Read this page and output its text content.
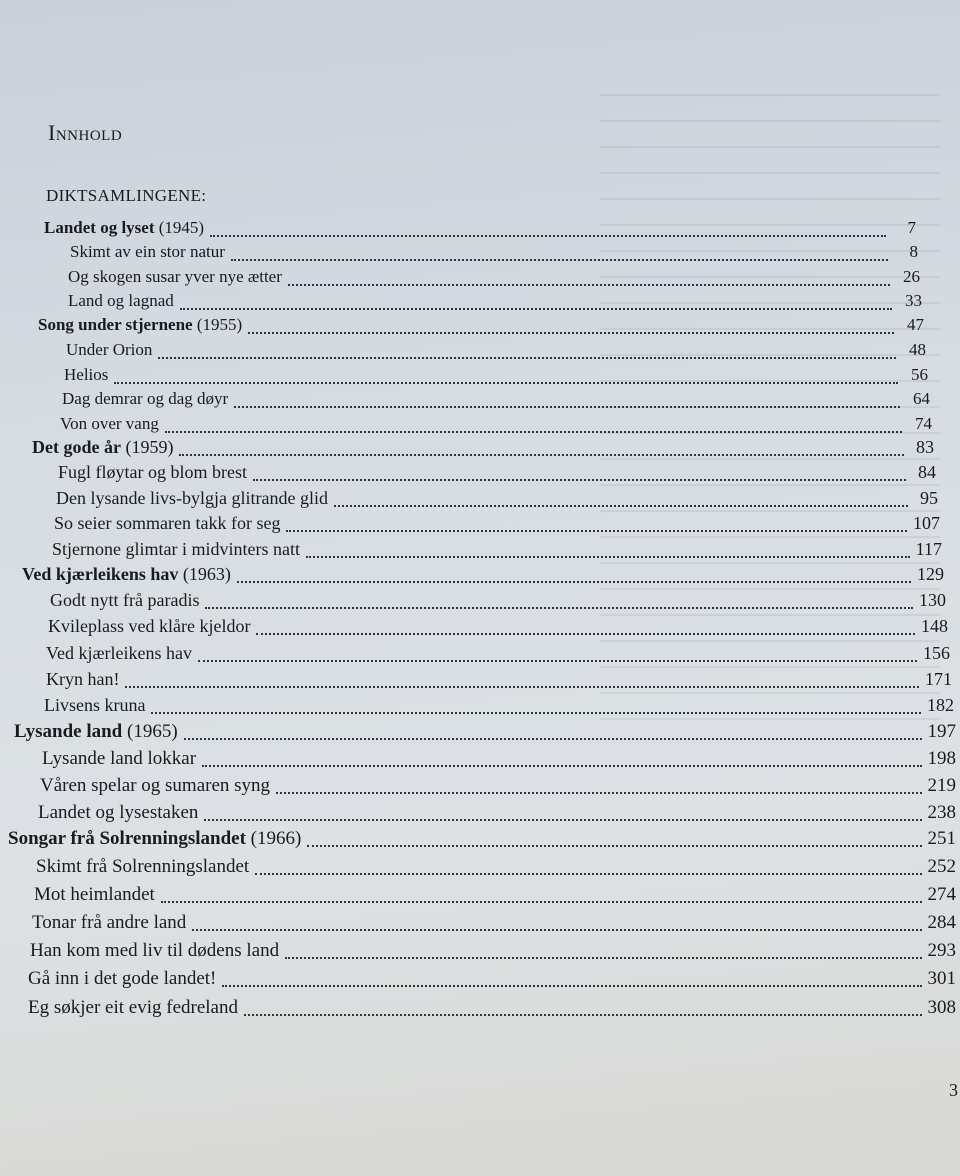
Innhold
DIKTSAMLINGENE:
Landet og lyset (1945)	7
Skimt av ein stor natur	8
Og skogen susar yver nye ætter	26
Land og lagnad	33
Song under stjernene (1955)	47
Under Orion	48
Helios	56
Dag demrar og dag døyr	64
Von over vang	74
Det gode år (1959)	83
Fugl fløytar og blom brest	84
Den lysande livs-bylgja glitrande glid	95
So seier sommaren takk for seg	107
Stjernone glimtar i midvinters natt	117
Ved kjærleikens hav (1963)	129
Godt nytt frå paradis	130
Kvileplass ved klåre kjeldor	148
Ved kjærleikens hav	156
Kryn han!	171
Livsens kruna	182
Lysande land (1965)	197
Lysande land lokkar	198
Våren spelar og sumaren syng	219
Landet og lysestaken	238
Songar frå Solrenningslandet (1966)	251
Skimt frå Solrenningslandet	252
Mot heimlandet	274
Tonar frå andre land	284
Han kom med liv til dødens land	293
Gå inn i det gode landet!	301
Eg søkjer eit evig fedreland	308
3
